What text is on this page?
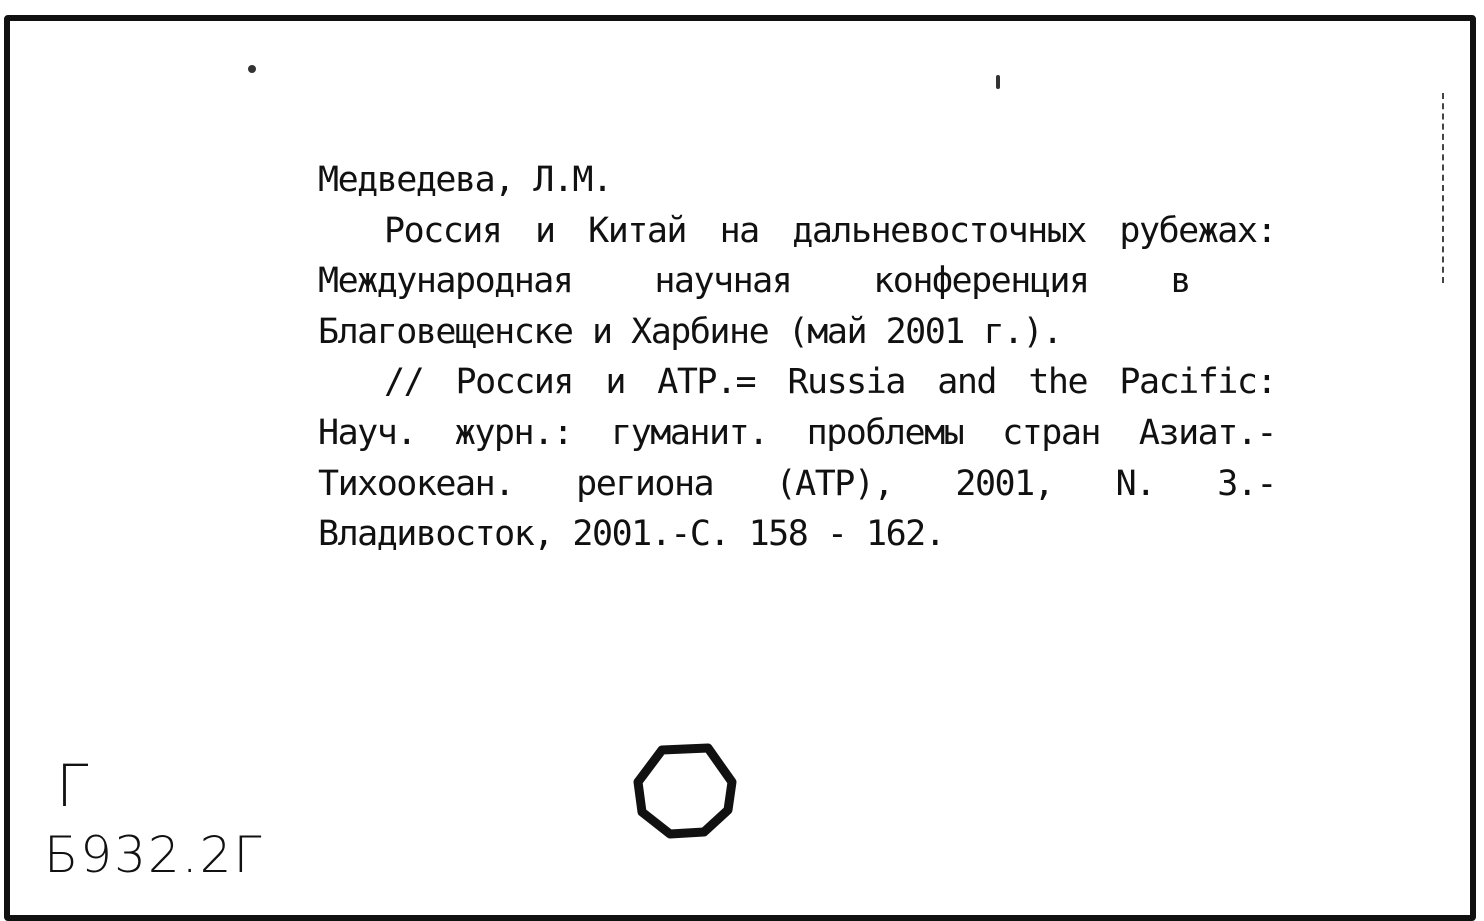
Медведева, Л.М.
Россия и Китай на дальневосточных рубежах:
Международная научная конференция в
Благовещенске и Харбине (май 2001 г.).
// Россия и АТР.= Russia and the Pacific:
Науч. журн.: гуманит. проблемы стран Азиат.-
Тихоокеан. региона (АТР), 2001, N. 3.-
Владивосток, 2001.-С. 158 - 162.
Г
Б932.2Г
